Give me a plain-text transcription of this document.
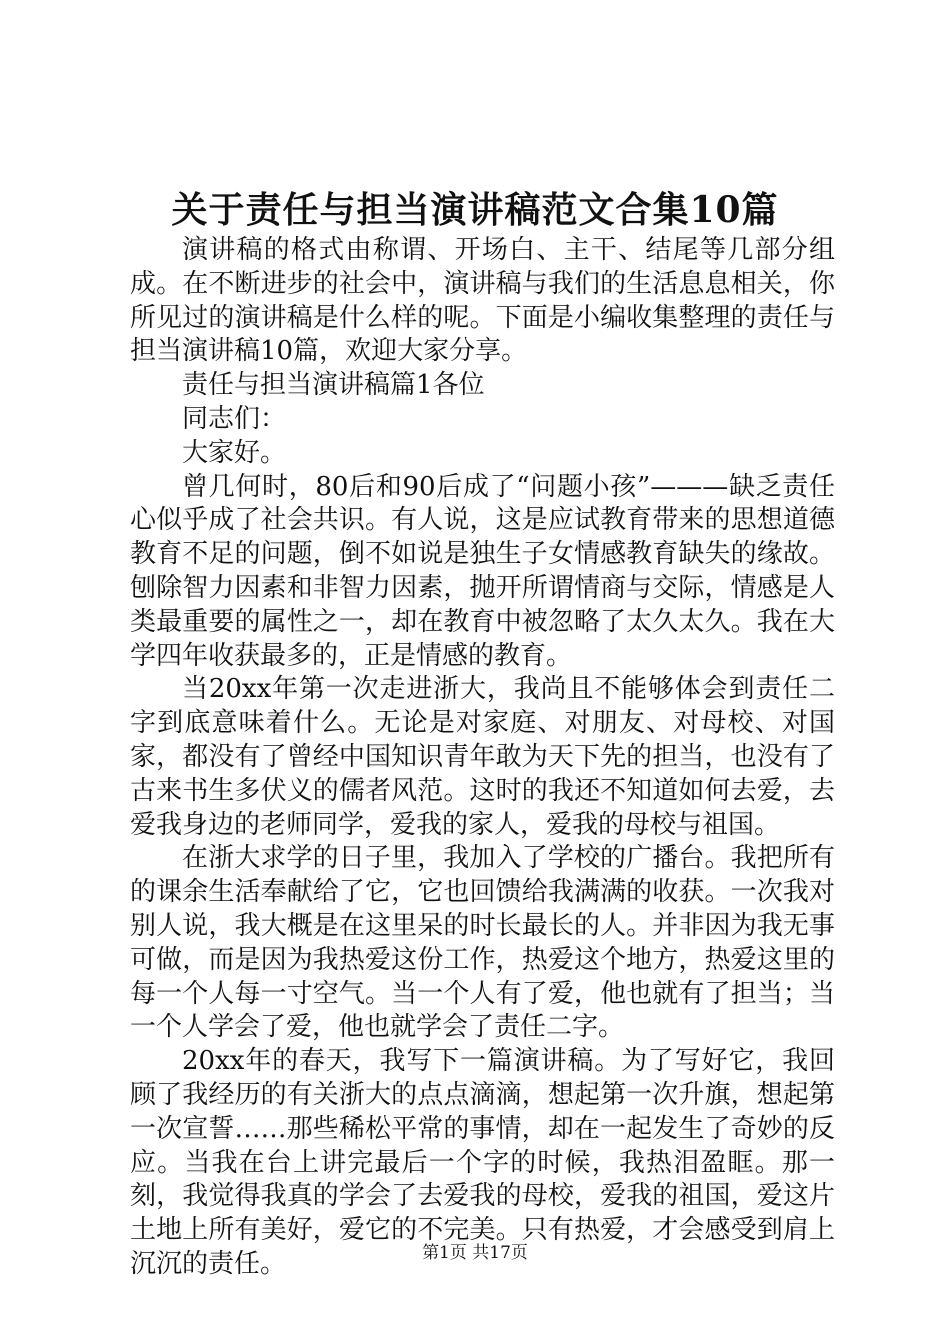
关于责任与担当演讲稿范文合集10篇

演讲稿的格式由称谓、开场白、主干、结尾等几部分组成。在不断进步的社会中，演讲稿与我们的生活息息相关，你所见过的演讲稿是什么样的呢。下面是小编收集整理的责任与担当演讲稿10篇，欢迎大家分享。

责任与担当演讲稿篇1各位

同志们：

大家好。

曾几何时，80后和90后成了“问题小孩”———缺乏责任心似乎成了社会共识。有人说，这是应试教育带来的思想道德教育不足的问题，倒不如说是独生子女情感教育缺失的缘故。刨除智力因素和非智力因素，抛开所谓情商与交际，情感是人类最重要的属性之一，却在教育中被忽略了太久太久。我在大学四年收获最多的，正是情感的教育。

当20xx年第一次走进浙大，我尚且不能够体会到责任二字到底意味着什么。无论是对家庭、对朋友、对母校、对国家，都没有了曾经中国知识青年敢为天下先的担当，也没有了古来书生多伏义的儒者风范。这时的我还不知道如何去爱，去爱我身边的老师同学，爱我的家人，爱我的母校与祖国。

在浙大求学的日子里，我加入了学校的广播台。我把所有的课余生活奉献给了它，它也回馈给我满满的收获。一次我对别人说，我大概是在这里呆的时长最长的人。并非因为我无事可做，而是因为我热爱这份工作，热爱这个地方，热爱这里的每一个人每一寸空气。当一个人有了爱，他也就有了担当；当一个人学会了爱，他也就学会了责任二字。

20xx年的春天，我写下一篇演讲稿。为了写好它，我回顾了我经历的有关浙大的点点滴滴，想起第一次升旗，想起第一次宣誓……那些稀松平常的事情，却在一起发生了奇妙的反应。当我在台上讲完最后一个字的时候，我热泪盈眶。那一刻，我觉得我真的学会了去爱我的母校，爱我的祖国，爱这片土地上所有美好，爱它的不完美。只有热爱，才会感受到肩上沉沉的责任。	第1页 共17页
